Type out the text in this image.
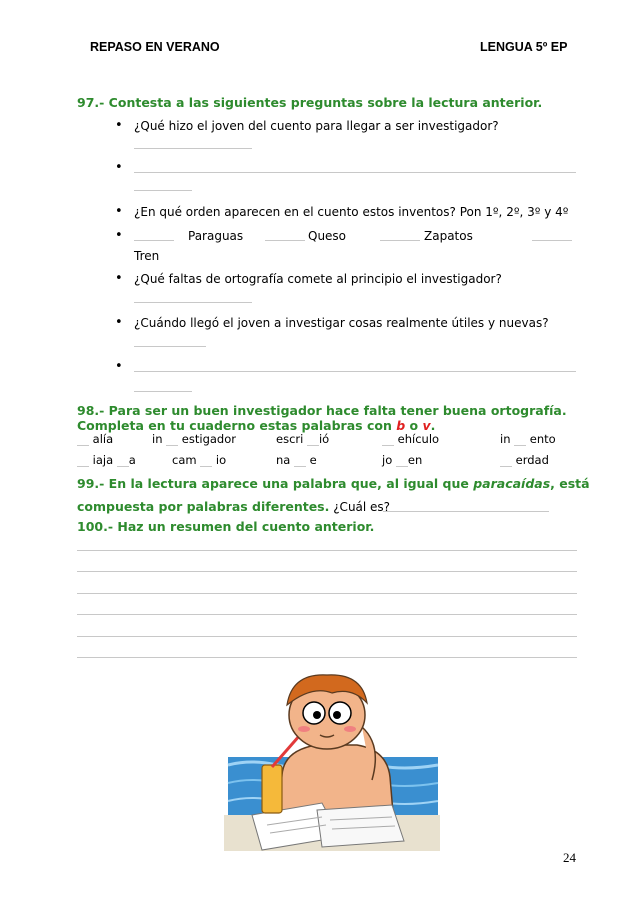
REPASO EN VERANO	LENGUA 5º EP
97.- Contesta a las siguientes preguntas sobre la lectura anterior.
• ¿Qué hizo el joven del cuento para llegar a ser investigador?
•
• ¿En qué orden aparecen en el cuento estos inventos? Pon 1º, 2º, 3º y 4º
•	Paraguas	Queso	Zapatos
Tren
• ¿Qué faltas de ortografía comete al principio el investigador?
• ¿Cuándo llegó el joven a investigar cosas realmente útiles y nuevas?
•
98.- Para ser un buen investigador hace falta tener buena ortografía.
Completa en tu cuaderno estas palabras con b o v.
alía	in estigador	escri ió	ehículo	in ento
iaja a	cam io	na e	jo en	erdad
99.- En la lectura aparece una palabra que, al igual que paracaídas, está
compuesta por palabras diferentes. ¿Cuál es?
100.- Haz un resumen del cuento anterior.
24
